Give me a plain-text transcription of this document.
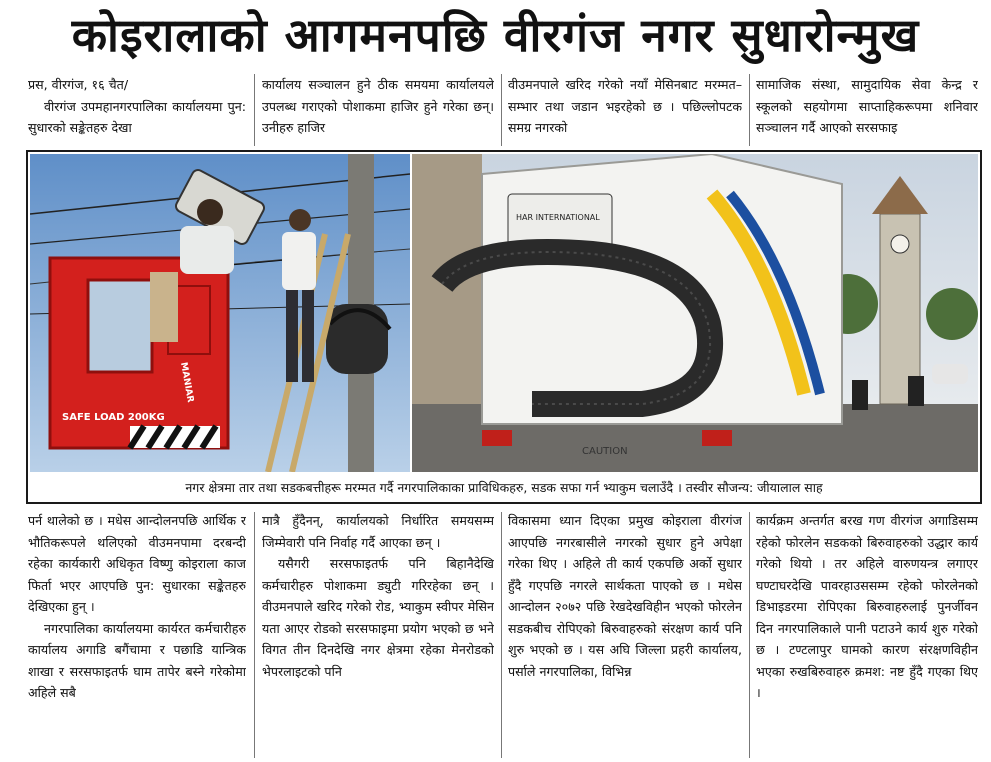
कोइरालाको आगमनपछि वीरगंज नगर सुधारोन्मुख

प्रस, वीरगंज, १६ चैत/

वीरगंज उपमहानगरपालिका कार्यालयमा पुन: सुधारको सङ्केतहरु देखा

कार्यालय सञ्चालन हुने ठीक समयमा कार्यालयले उपलब्ध गराएको पोशाकमा हाजिर हुने गरेका छन्। उनीहरु हाजिर

वीउमनपाले खरिद गरेको नयाँ मेसिनबाट मरम्मत–सम्भार तथा जडान भइरहेको छ । पछिल्लोपटक समग्र नगरको

सामाजिक संस्था, सामुदायिक सेवा केन्द्र र स्कूलको सहयोगमा साप्ताहिकरूपमा शनिवार सञ्चालन गर्दै आएको सरसफाइ

SAFE LOAD 200KG
MANIAR
HAR INTERNATIONAL
CAUTION
नगर क्षेत्रमा तार तथा सडकबत्तीहरू मरम्मत गर्दै नगरपालिकाका प्राविधिकहरु, सडक सफा गर्न भ्याकुम चलाउँदै । तस्वीर सौजन्य: जीयालाल साह

पर्न थालेको छ । मधेस आन्दोलनपछि आर्थिक र भौतिकरूपले थलिएको वीउमनपामा दरबन्दी रहेका कार्यकारी अधिकृत विष्णु कोइराला काज फिर्ता भएर आएपछि पुन: सुधारका सङ्केतहरु देखिएका हुन् ।

नगरपालिका कार्यालयमा कार्यरत कर्मचारीहरु कार्यालय अगाडि बगैंचामा र पछाडि यान्त्रिक शाखा र सरसफाइतर्फ घाम तापेर बस्ने गरेकोमा अहिले सबै

मात्रै हुँदैनन्, कार्यालयको निर्धारित समयसम्म जिम्मेवारी पनि निर्वाह गर्दै आएका छन् ।

यसैगरी सरसफाइतर्फ पनि बिहानैदेखि कर्मचारीहरु पोशाकमा ड्युटी गरिरहेका छन् । वीउमनपाले खरिद गरेको रोड, भ्याकुम स्वीपर मेसिन यता आएर रोडको सरसफाइमा प्रयोग भएको छ भने विगत तीन दिनदेखि नगर क्षेत्रमा रहेका मेनरोडको भेपरलाइटको पनि

विकासमा ध्यान दिएका प्रमुख कोइराला वीरगंज आएपछि नगरबासीले नगरको सुधार हुने अपेक्षा गरेका थिए । अहिले ती कार्य एकपछि अर्को सुधार हुँदै गएपछि नगरले सार्थकता पाएको छ । मधेस आन्दोलन २०७२ पछि रेखदेखविहीन भएको फोरलेन सडकबीच रोपिएको बिरुवाहरुको संरक्षण कार्य पनि शुरु भएको छ । यस अघि जिल्ला प्रहरी कार्यालय, पर्साले नगरपालिका, विभिन्न

कार्यक्रम अन्तर्गत बरख गण वीरगंज अगाडिसम्म रहेको फोरलेन सडकको बिरुवाहरुको उद्धार कार्य गरेको थियो । तर अहिले वारुणयन्त्र लगाएर घण्टाघरदेखि पावरहाउससम्म रहेको फोरलेनको डिभाइडरमा रोपिएका बिरुवाहरुलाई पुनर्जीवन दिन नगरपालिकाले पानी पटाउने कार्य शुरु गरेको छ । टण्टलापुर घामको कारण संरक्षणविहीन भएका रुखबिरुवाहरु क्रमश: नष्ट हुँदै गएका थिए ।
